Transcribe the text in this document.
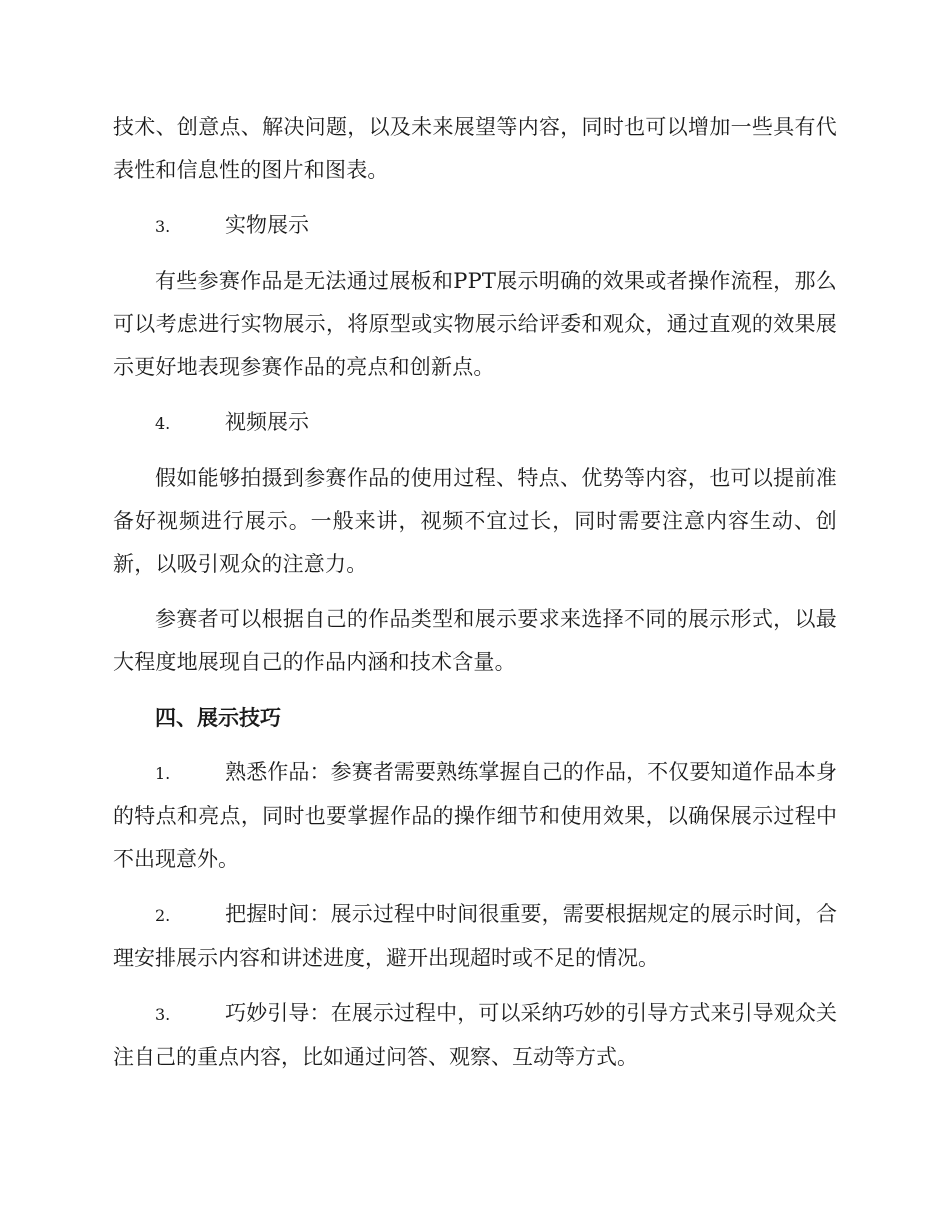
技术、创意点、解决问题，以及未来展望等内容，同时也可以增加一些具有代表性和信息性的图片和图表。

3.	实物展示

有些参赛作品是无法通过展板和PPT展示明确的效果或者操作流程，那么可以考虑进行实物展示，将原型或实物展示给评委和观众，通过直观的效果展示更好地表现参赛作品的亮点和创新点。

4.	视频展示

假如能够拍摄到参赛作品的使用过程、特点、优势等内容，也可以提前准备好视频进行展示。一般来讲，视频不宜过长，同时需要注意内容生动、创新，以吸引观众的注意力。

参赛者可以根据自己的作品类型和展示要求来选择不同的展示形式，以最大程度地展现自己的作品内涵和技术含量。

四、展示技巧

1.	熟悉作品：参赛者需要熟练掌握自己的作品，不仅要知道作品本身的特点和亮点，同时也要掌握作品的操作细节和使用效果，以确保展示过程中不出现意外。

2.	把握时间：展示过程中时间很重要，需要根据规定的展示时间，合理安排展示内容和讲述进度，避开出现超时或不足的情况。

3.	巧妙引导：在展示过程中，可以采纳巧妙的引导方式来引导观众关注自己的重点内容，比如通过问答、观察、互动等方式。
